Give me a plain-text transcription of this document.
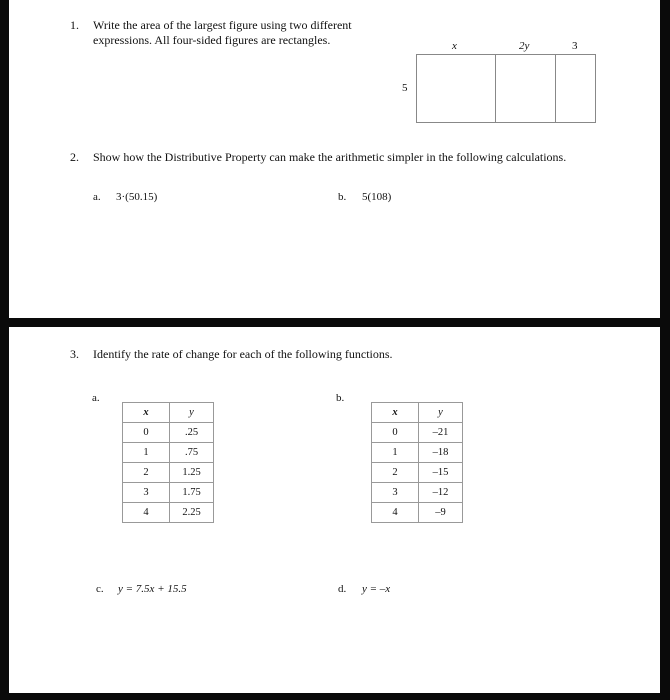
1. Write the area of the largest figure using two different
expressions. All four-sided figures are rectangles.	x	2y	3
5
2. Show how the Distributive Property can make the arithmetic simpler in the following calculations.
a. 3·(50.15)	b. 5(108)
3. Identify the rate of change for each of the following functions.
a.
x	y
0	.25
1	.75
2	1.25
3	1.75
4	2.25
b.
x	y
0	–21
1	–18
2	–15
3	–12
4	–9
c. y = 7.5x + 15.5	d. y = –x
